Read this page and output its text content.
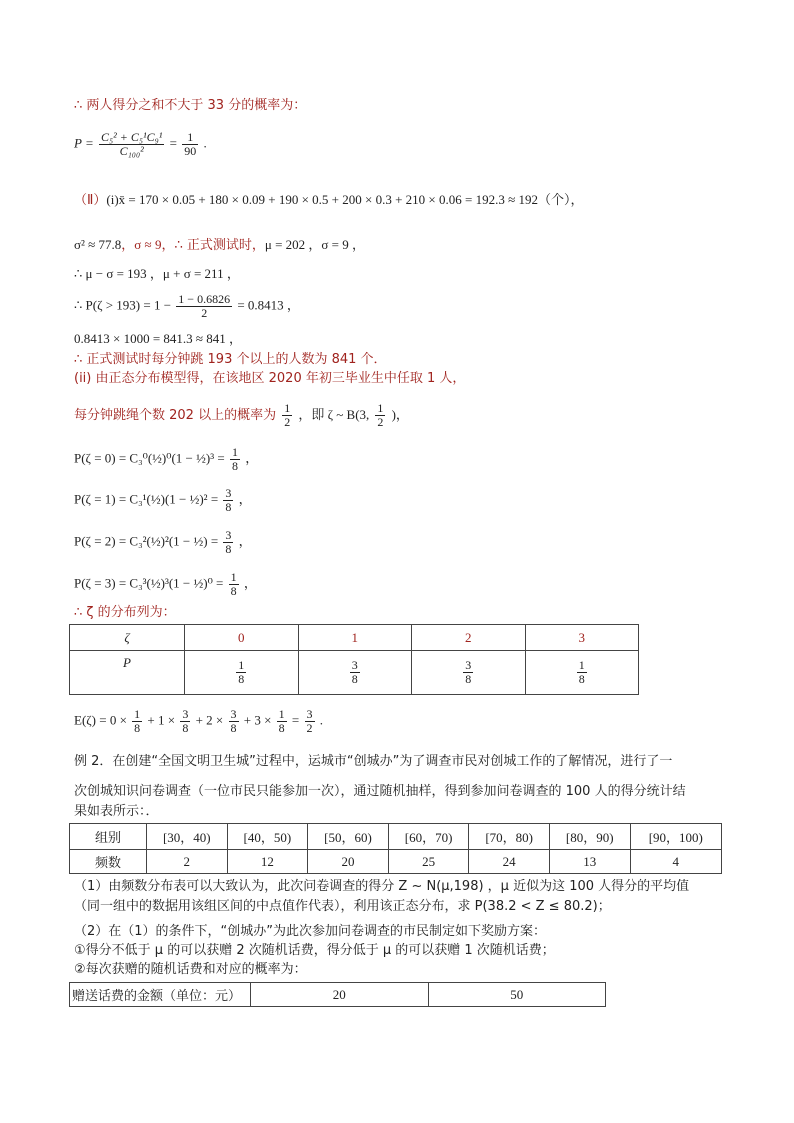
∴ 两人得分之和不大于 33 分的概率为：
$P = \frac{\text{C₅² + C₅¹C₉¹}}{\text{C₁₀₀²}} = \frac{1}{90}$ .
（Ⅱ）(i)x̄ = 170 × 0.05 + 180 × 0.09 + 190 × 0.5 + 200 × 0.3 + 210 × 0.06 = 192.3 ≈ 192（个），
σ² ≈ 77.8，σ ≈ 9，∴ 正式测试时，μ = 202 ，σ = 9 ，
∴ μ − σ = 193 ，μ + σ = 211 ，
∴ $P(\zeta > 193) = 1 - \frac{1 - 0.6826}{2} = 0.8413$ ，
0.8413 × 1000 = 841.3 ≈ 841 ，
∴ 正式测试时每分钟跳 193 个以上的人数为 841 个．
(ii) 由正态分布模型得，在该地区 2020 年初三毕业生中任取 1 人，
每分钟跳绳个数 202 以上的概率为 $\frac{1}{2}$ ，即 ζ ~ B(3, $\frac{1}{2}$ )，
P(ζ = 0) = C₃⁰(½)⁰(1 − ½)³ = $\frac{1}{8}$ ，
P(ζ = 1) = C₃¹(½)(1 − ½)² = $\frac{3}{8}$ ，
P(ζ = 2) = C₃²(½)²(1 − ½) = $\frac{3}{8}$ ，
P(ζ = 3) = C₃³(½)³(1 − ½)⁰ = $\frac{1}{8}$ ，
∴ ζ 的分布列为：
ζ	0	1	2	3
P	$\frac{1}{8}$	$\frac{3}{8}$	$\frac{3}{8}$	$\frac{1}{8}$
$E(\zeta) = 0 \times \frac{1}{8} + 1 \times \frac{3}{8} + 2 \times \frac{3}{8} + 3 \times \frac{1}{8} = \frac{3}{2}$ .
例 2．在创建“全国文明卫生城”过程中，运城市“创城办”为了调查市民对创城工作的了解情况，进行了一
次创城知识问卷调查（一位市民只能参加一次），通过随机抽样，得到参加问卷调查的 100 人的得分统计结
果如表所示：．
组别	[30，40)	[40，50)	[50，60)	[60，70)	[70，80)	[80，90)	[90，100)
频数	2	12	20	25	24	13	4
（1）由频数分布表可以大致认为，此次问卷调查的得分 Z ~ N(μ,198) ，μ 近似为这 100 人得分的平均值
（同一组中的数据用该组区间的中点值作代表），利用该正态分布，求 P(38.2 < Z ≤ 80.2)；
（2）在（1）的条件下，“创城办”为此次参加问卷调查的市民制定如下奖励方案：
①得分不低于 μ 的可以获赠 2 次随机话费，得分低于 μ 的可以获赠 1 次随机话费；
②每次获赠的随机话费和对应的概率为：
赠送话费的金额（单位：元）	20	50
